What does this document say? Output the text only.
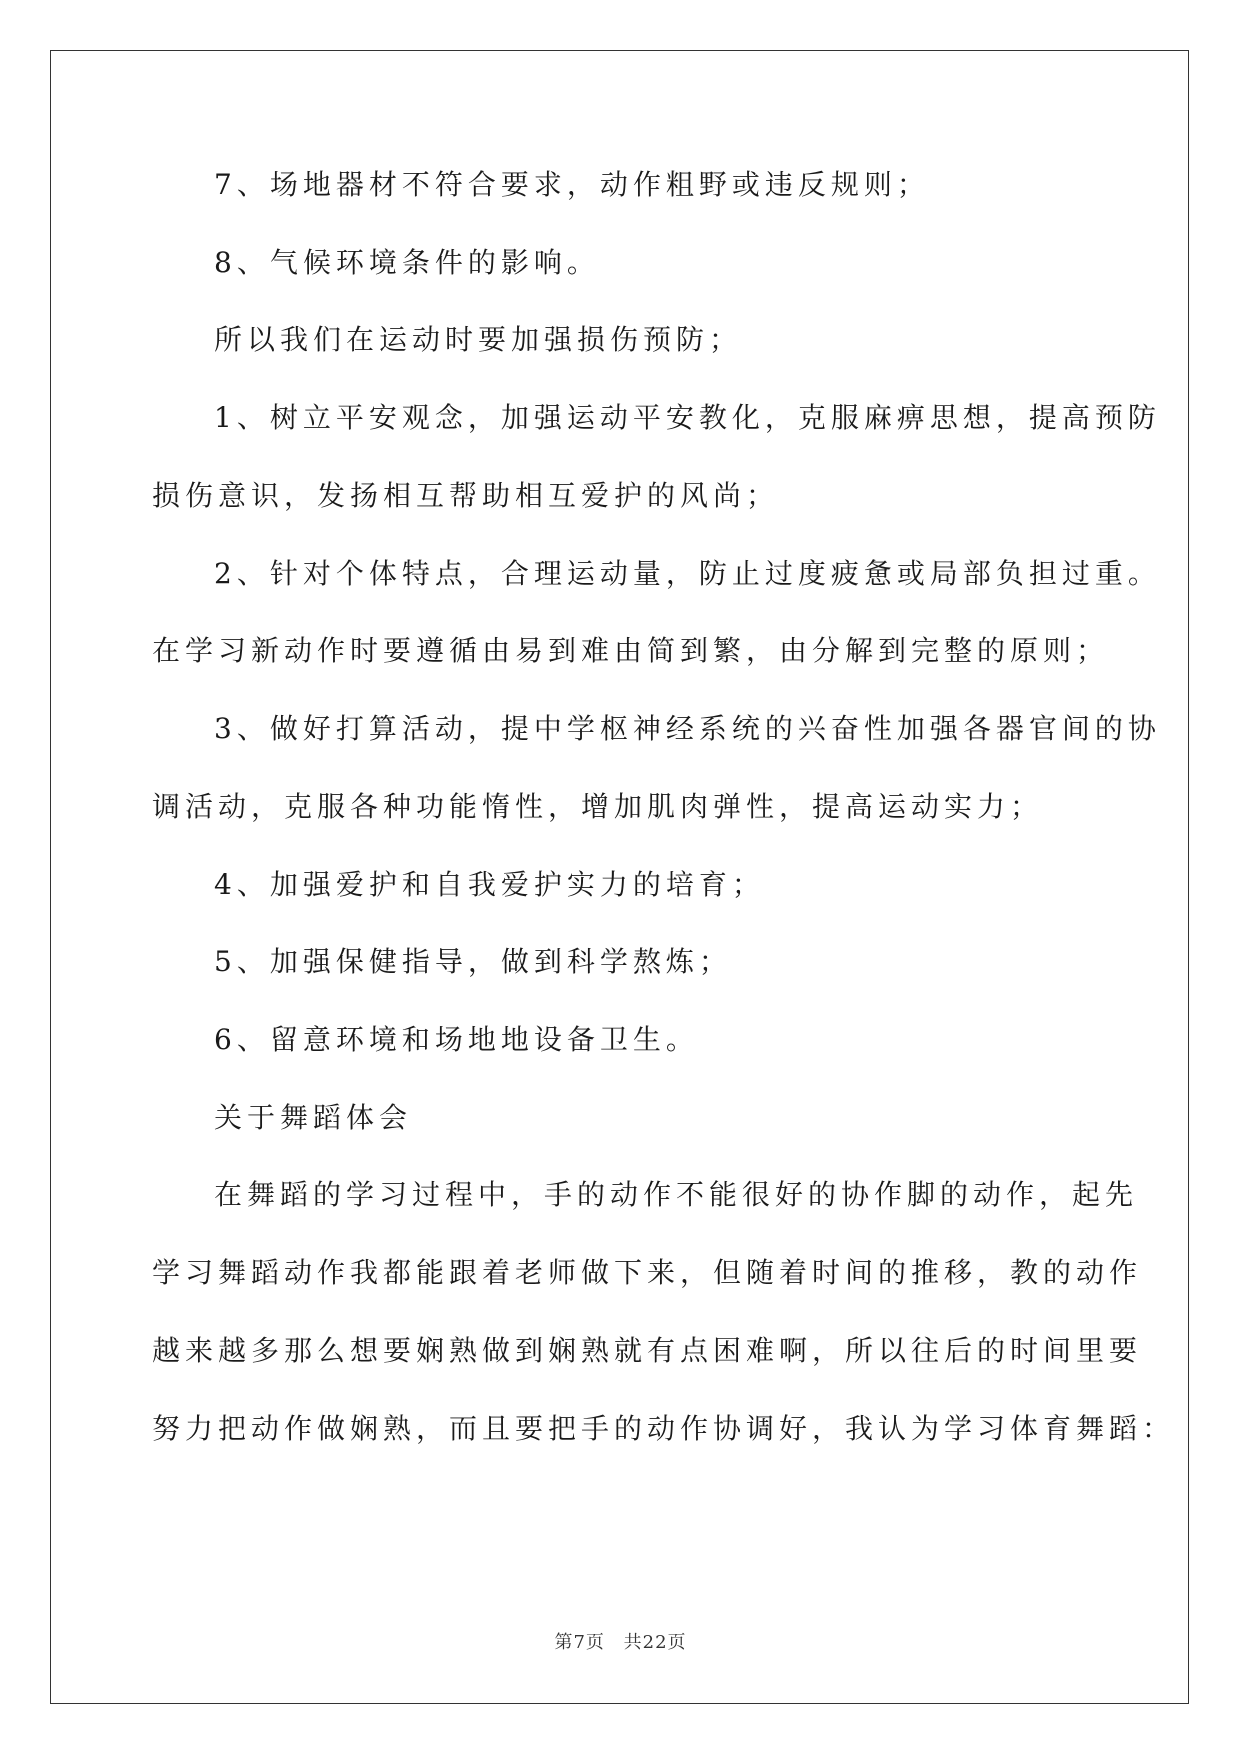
7、场地器材不符合要求，动作粗野或违反规则；
8、气候环境条件的影响。
所以我们在运动时要加强损伤预防；
1、树立平安观念，加强运动平安教化，克服麻痹思想，提高预防
损伤意识，发扬相互帮助相互爱护的风尚；
2、针对个体特点，合理运动量，防止过度疲惫或局部负担过重。
在学习新动作时要遵循由易到难由简到繁，由分解到完整的原则；
3、做好打算活动，提中学枢神经系统的兴奋性加强各器官间的协
调活动，克服各种功能惰性，增加肌肉弹性，提高运动实力；
4、加强爱护和自我爱护实力的培育；
5、加强保健指导，做到科学熬炼；
6、留意环境和场地地设备卫生。
关于舞蹈体会
在舞蹈的学习过程中，手的动作不能很好的协作脚的动作，起先
学习舞蹈动作我都能跟着老师做下来，但随着时间的推移，教的动作
越来越多那么想要娴熟做到娴熟就有点困难啊，所以往后的时间里要
努力把动作做娴熟，而且要把手的动作协调好，我认为学习体育舞蹈：
第7页 共22页
